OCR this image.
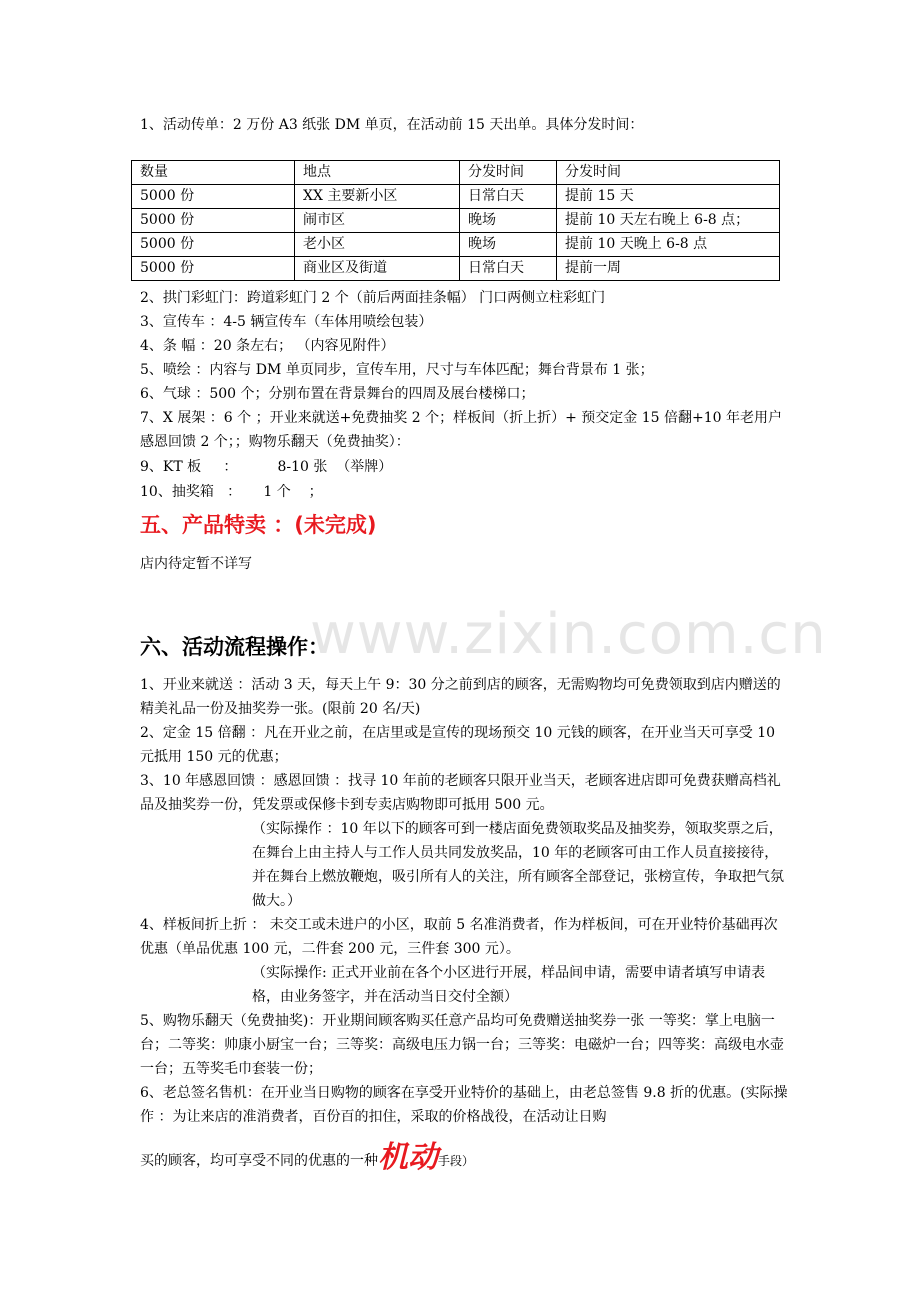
www.zixin.com.cn
1、活动传单：2 万份 A3 纸张 DM 单页，在活动前 15 天出单。具体分发时间：
数量	地点	分发时间	分发时间
5000 份	XX 主要新小区	日常白天	提前 15 天
5000 份	闹市区	晚场	提前 10 天左右晚上 6-8 点；
5000 份	老小区	晚场	提前 10 天晚上 6-8 点
5000 份	商业区及街道	日常白天	提前一周
2、拱门彩虹门：跨道彩虹门 2 个（前后两面挂条幅） 门口两侧立柱彩虹门
3、宣传车 ：4-5 辆宣传车（车体用喷绘包装）
4、条 幅 ：20 条左右； （内容见附件）
5、喷绘 ：内容与 DM 单页同步，宣传车用，尺寸与车体匹配；舞台背景布 1 张；
6、气球 ：500 个；分别布置在背景舞台的四周及展台楼梯口；
7、X 展架 ：6 个 ；开业来就送+免费抽奖 2 个；样板间（折上折）+ 预交定金 15 倍翻+10 年老用户感恩回馈 2 个；；购物乐翻天（免费抽奖）：
9、KT 板     ：         8-10 张  （举牌）
10、抽奖箱   ：     1 个    ；
五、产品特卖 ：(未完成)
店内待定暂不详写
六、活动流程操作：
1、开业来就送 ：活动 3 天，每天上午 9：30 分之前到店的顾客，无需购物均可免费领取到店内赠送的精美礼品一份及抽奖券一张。(限前 20 名/天)
2、定金 15 倍翻 ：凡在开业之前，在店里或是宣传的现场预交 10 元钱的顾客，在开业当天可享受 10 元抵用 150 元的优惠；
3、10 年感恩回馈 ：感恩回馈 ：找寻 10 年前的老顾客只限开业当天，老顾客进店即可免费获赠高档礼品及抽奖券一份，凭发票或保修卡到专卖店购物即可抵用 500 元。
（实际操作 ：10 年以下的顾客可到一楼店面免费领取奖品及抽奖券，领取奖票之后， 在舞台上由主持人与工作人员共同发放奖品，10 年的老顾客可由工作人员直接接待，并在舞台上燃放鞭炮，吸引所有人的关注，所有顾客全部登记，张榜宣传，争取把气氛做大。）
4、样板间折上折 ： 未交工或未进户的小区，取前 5 名准消费者，作为样板间，可在开业特价基础再次优惠（单品优惠 100 元，二件套 200 元，三件套 300 元）。
（实际操作: 正式开业前在各个小区进行开展，样品间申请，需要申请者填写申请表格，由业务签字，并在活动当日交付全额）
5、购物乐翻天（免费抽奖)：开业期间顾客购买任意产品均可免费赠送抽奖券一张 一等奖：掌上电脑一台；二等奖：帅康小厨宝一台；三等奖：高级电压力锅一台；三等奖：电磁炉一台；四等奖：高级电水壶一台；五等奖毛巾套装一份；
6、老总签名售机：在开业当日购物的顾客在享受开业特价的基础上，由老总签售 9.8 折的优惠。(实际操作 ：为让来店的准消费者，百份百的扣住，采取的价格战役，在活动让日购
买的顾客，均可享受不同的优惠的一种机动手段）
